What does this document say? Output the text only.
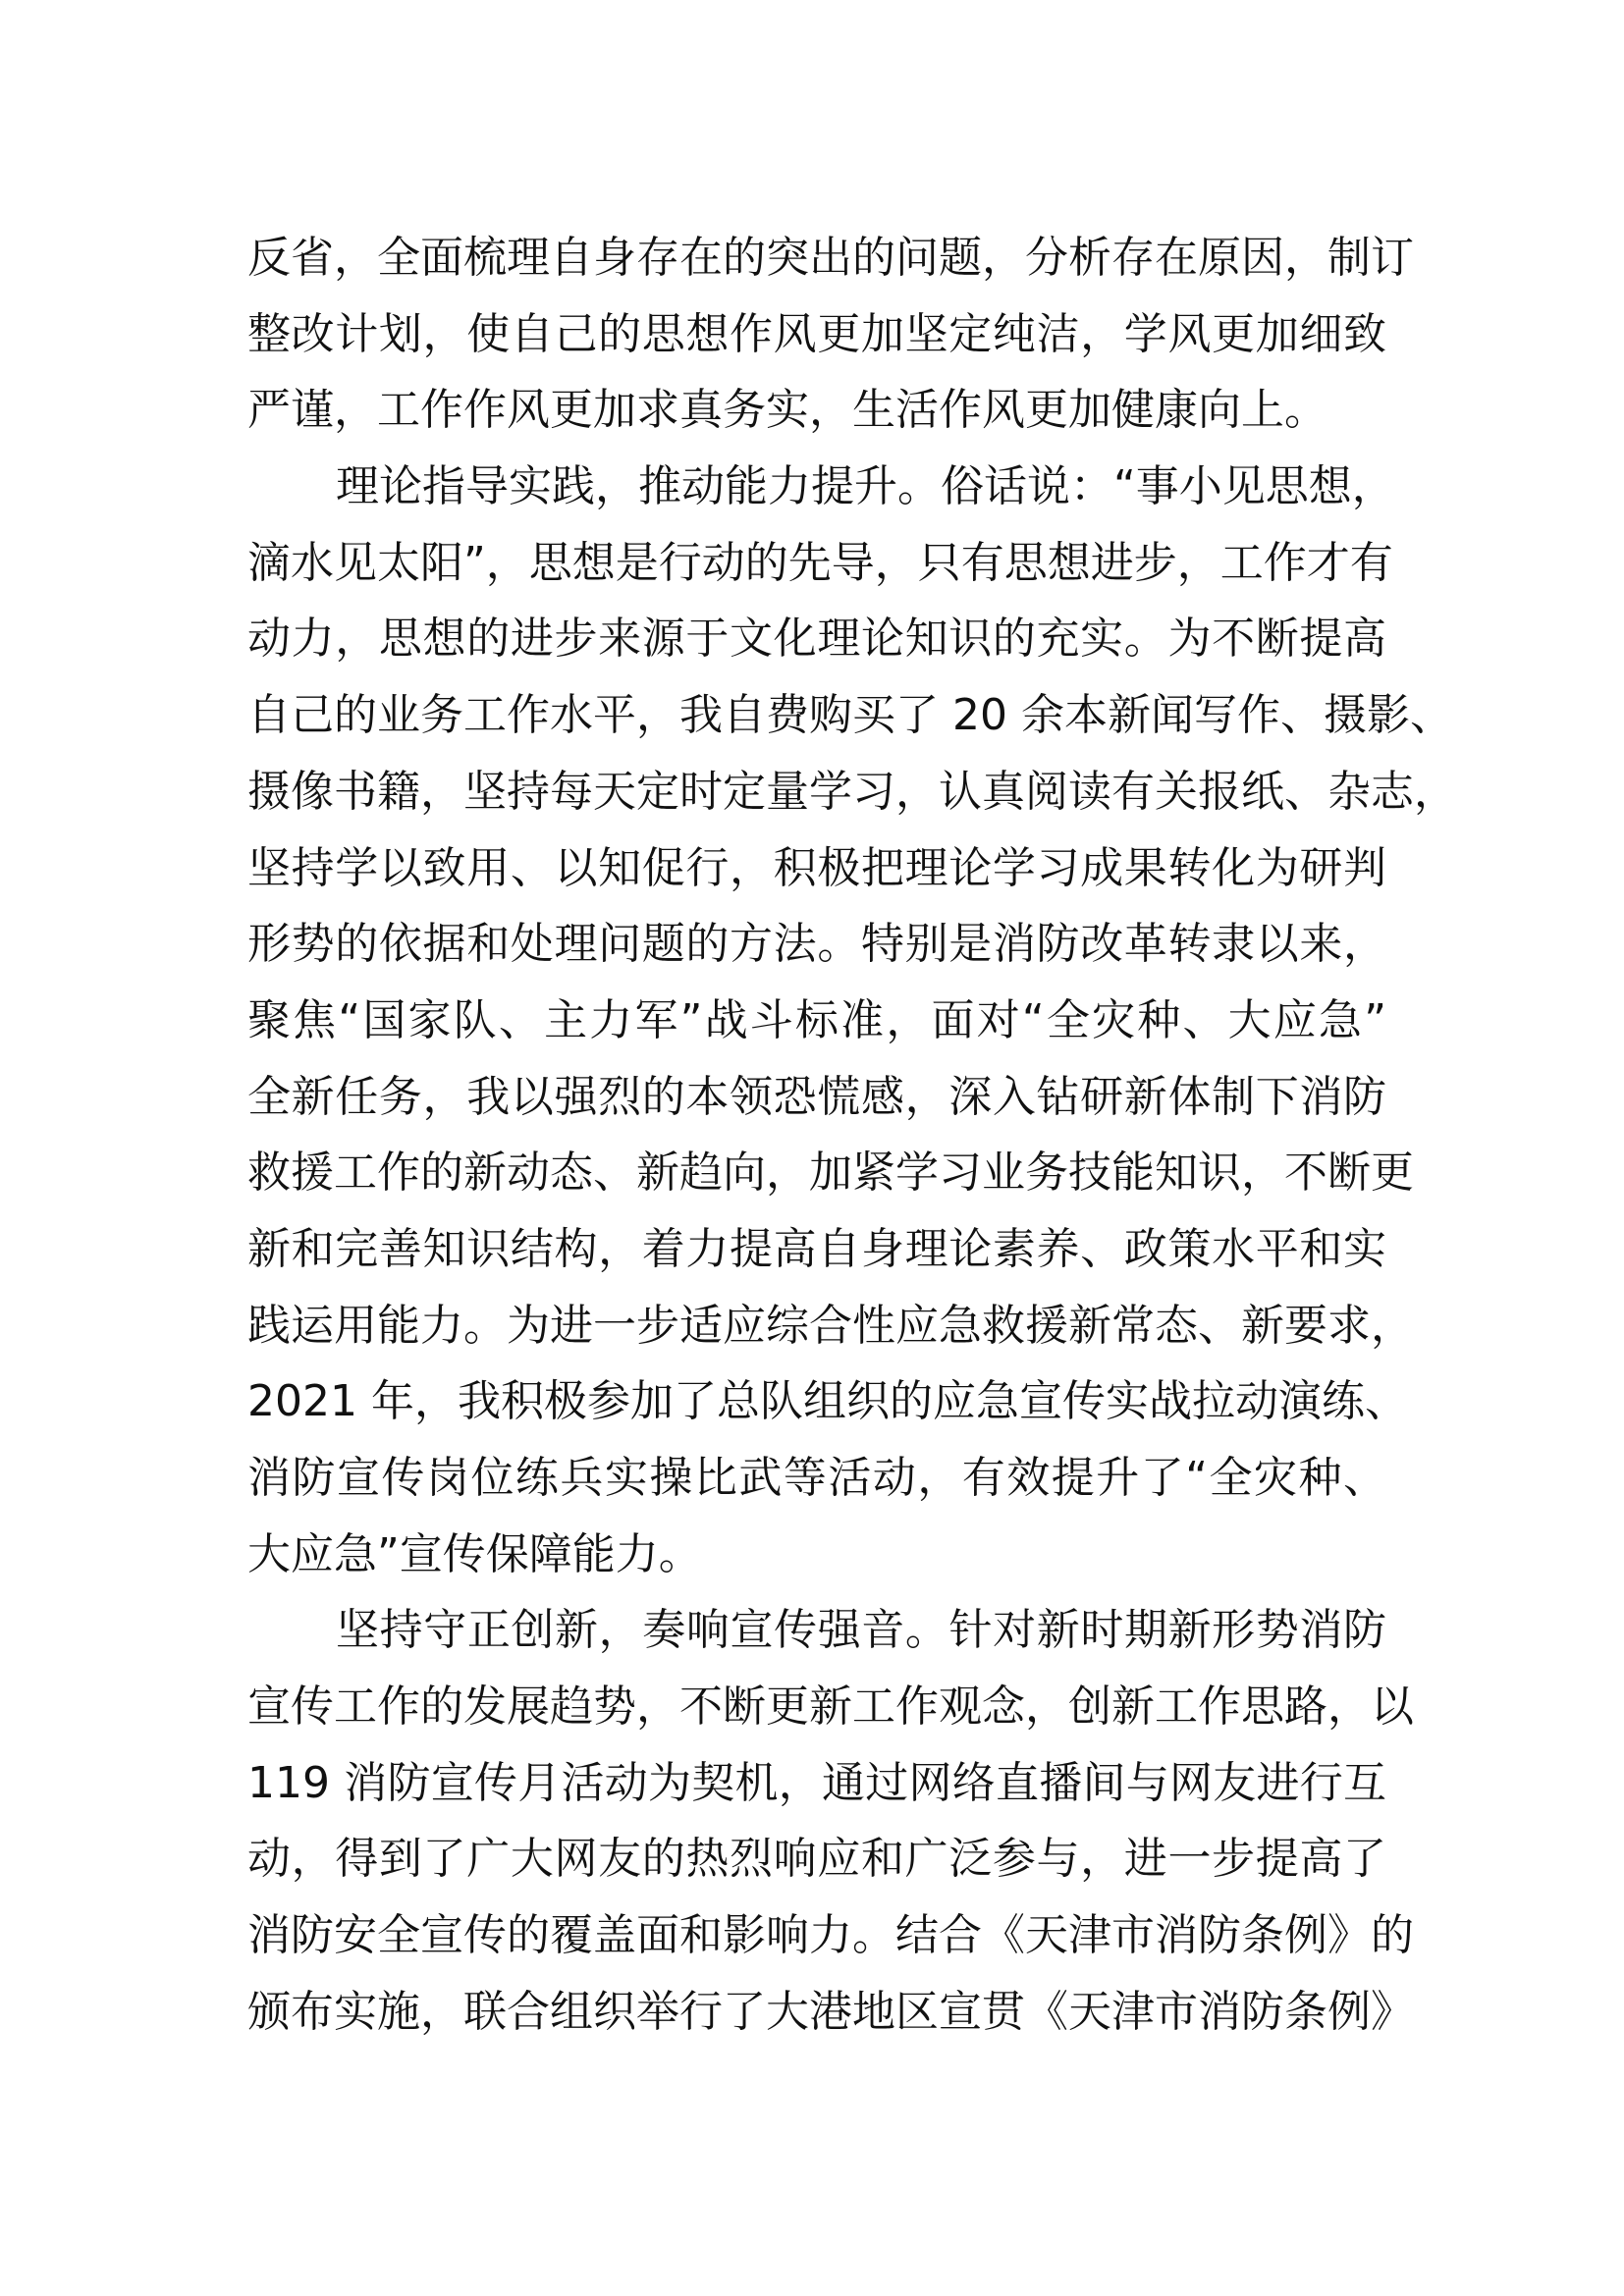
反省，全面梳理自身存在的突出的问题，分析存在原因，制订
整改计划，使自己的思想作风更加坚定纯洁，学风更加细致
严谨，工作作风更加求真务实，生活作风更加健康向上。
理论指导实践，推动能力提升。俗话说：“事小见思想，
滴水见太阳”，思想是行动的先导，只有思想进步，工作才有
动力，思想的进步来源于文化理论知识的充实。为不断提高
自己的业务工作水平，我自费购买了 20 余本新闻写作、摄影、
摄像书籍，坚持每天定时定量学习，认真阅读有关报纸、杂志，
坚持学以致用、以知促行，积极把理论学习成果转化为研判
形势的依据和处理问题的方法。特别是消防改革转隶以来，
聚焦“国家队、主力军”战斗标准，面对“全灾种、大应急”
全新任务，我以强烈的本领恐慌感，深入钻研新体制下消防
救援工作的新动态、新趋向，加紧学习业务技能知识，不断更
新和完善知识结构，着力提高自身理论素养、政策水平和实
践运用能力。为进一步适应综合性应急救援新常态、新要求，
2021 年，我积极参加了总队组织的应急宣传实战拉动演练、
消防宣传岗位练兵实操比武等活动，有效提升了“全灾种、
大应急”宣传保障能力。
坚持守正创新，奏响宣传强音。针对新时期新形势消防
宣传工作的发展趋势，不断更新工作观念，创新工作思路，以
119 消防宣传月活动为契机，通过网络直播间与网友进行互
动，得到了广大网友的热烈响应和广泛参与，进一步提高了
消防安全宣传的覆盖面和影响力。结合《天津市消防条例》的
颁布实施，联合组织举行了大港地区宣贯《天津市消防条例》
